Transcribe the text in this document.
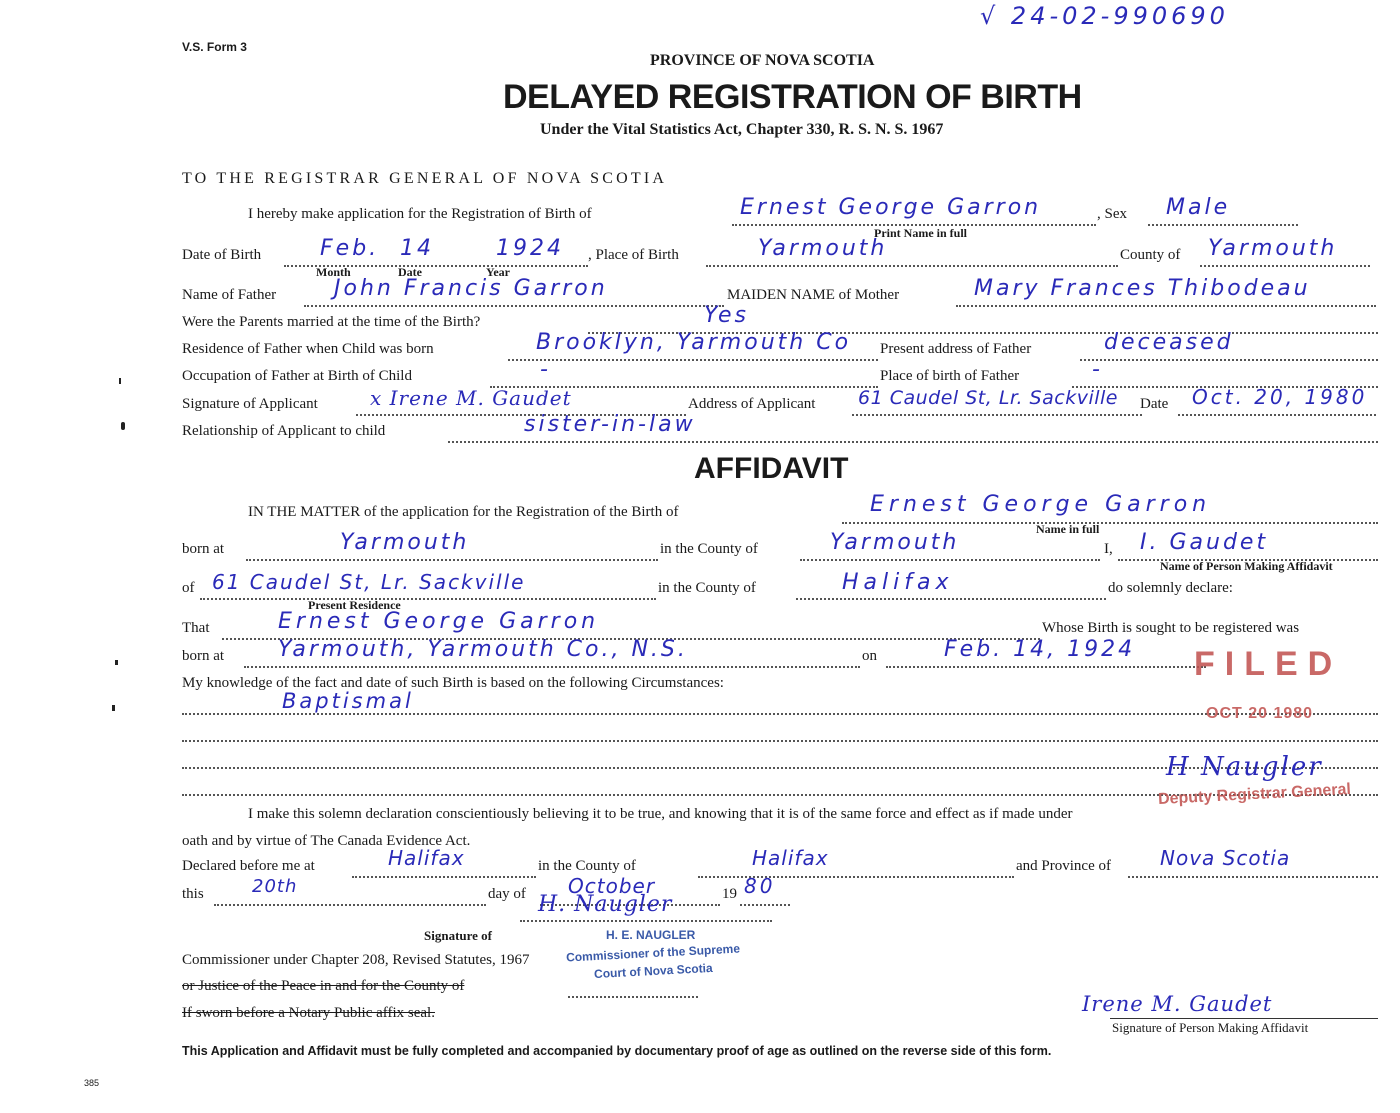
V.S. Form 3
√ 24-02-990690
PROVINCE OF NOVA SCOTIA
DELAYED REGISTRATION OF BIRTH
Under the Vital Statistics Act, Chapter 330, R. S. N. S. 1967
TO THE REGISTRAR GENERAL OF NOVA SCOTIA
I hereby make application for the Registration of Birth of	Ernest George Garron	, Sex Male
Print Name in full
Date of Birth	Feb. 14	1924 , Place of Birth	Yarmouth	County of Yarmouth
Month	Date	Year
Name of Father	John Francis Garron	MAIDEN NAME of Mother	Mary Frances Thibodeau
Were the Parents married at the time of the Birth?	Yes
Residence of Father when Child was born	Brooklyn, Yarmouth Co Present address of Father	deceased
Occupation of Father at Birth of Child	-	Place of birth of Father	-
Signature of Applicant	x Irene M. Gaudet	Address of Applicant 61 Caudel St, Lr. Sackville Date Oct. 20, 1980
Relationship of Applicant to child	sister-in-law
AFFIDAVIT
IN THE MATTER of the application for the Registration of the Birth of	Ernest George Garron
Name in full
born at	Yarmouth	in the County of	Yarmouth	I, I. Gaudet
Name of Person Making Affidavit
of 61 Caudel St, Lr. Sackville	in the County of	Halifax	do solemnly declare:
Present Residence
That	Ernest George Garron	Whose Birth is sought to be registered was
born at Yarmouth, Yarmouth Co., N.S.	on	Feb. 14, 1924
My knowledge of the fact and date of such Birth is based on the following Circumstances:
Baptismal
I make this solemn declaration conscientiously believing it to be true, and knowing that it is of the same force and effect as if made under
oath and by virtue of The Canada Evidence Act.
Declared before me at	Halifax	in the County of	Halifax	and Province of Nova Scotia
this	20th	day of October	19 80
H. Naugler
Signature of
Commissioner under Chapter 208, Revised Statutes, 1967
or Justice of the Peace in and for the County of
If sworn before a Notary Public affix seal.	Irene M. Gaudet
Signature of Person Making Affidavit
FILED
OCT 20 1980
H Naugler
Deputy Registrar General
H. E. NAUGLER
Commissioner of the Supreme
Court of Nova Scotia
This Application and Affidavit must be fully completed and accompanied by documentary proof of age as outlined on the reverse side of this form.
385
